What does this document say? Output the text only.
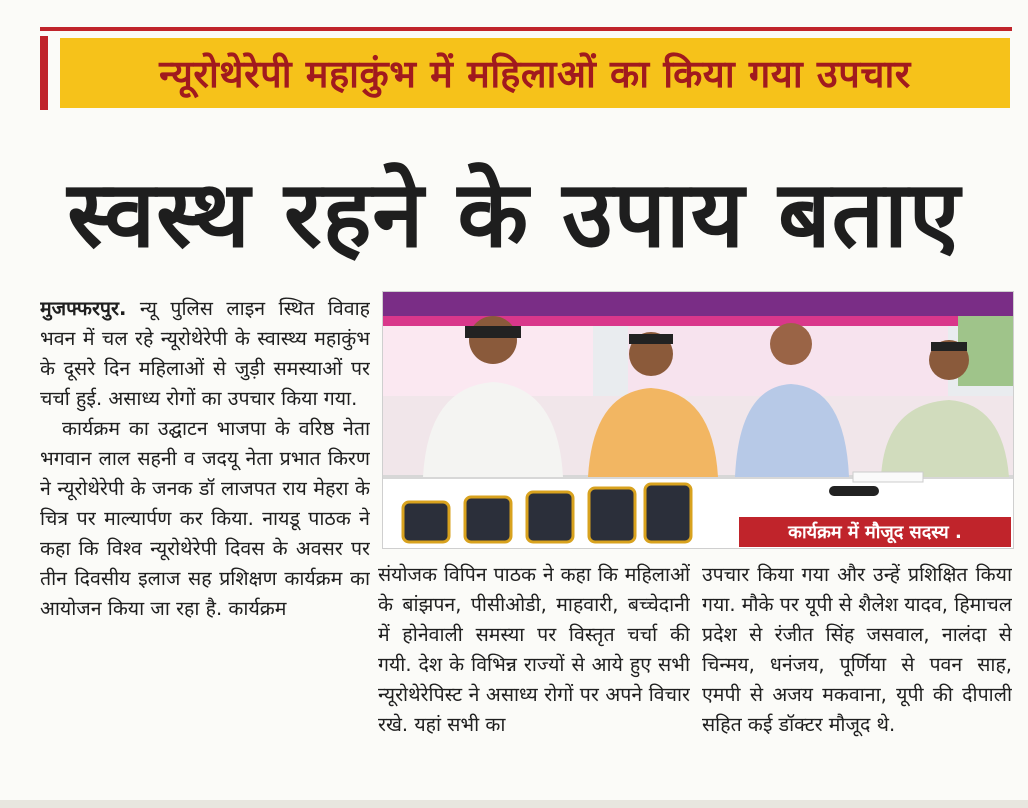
न्यूरोथेरेपी महाकुंभ में महिलाओं का किया गया उपचार
स्वस्थ रहने के उपाय बताए

मुजफ्फरपुर. न्यू पुलिस लाइन स्थित विवाह भवन में चल रहे न्यूरोथेरेपी के स्वास्थ्य महाकुंभ के दूसरे दिन महिलाओं से जुड़ी समस्याओं पर चर्चा हुई. असाध्य रोगों का उपचार किया गया.

कार्यक्रम का उद्घाटन भाजपा के वरिष्ठ नेता भगवान लाल सहनी व जदयू नेता प्रभात किरण ने न्यूरोथेरेपी के जनक डॉ लाजपत राय मेहरा के चित्र पर माल्यार्पण कर किया. नायडू पाठक ने कहा कि विश्व न्यूरोथेरेपी दिवस के अवसर पर तीन दिवसीय इलाज सह प्रशिक्षण कार्यक्रम का आयोजन किया जा रहा है. कार्यक्रम

कार्यक्रम में मौजूद सदस्य .

संयोजक विपिन पाठक ने कहा कि महिलाओं के बांझपन, पीसीओडी, माहवारी, बच्चेदानी में होनेवाली समस्या पर विस्तृत चर्चा की गयी. देश के विभिन्न राज्यों से आये हुए सभी न्यूरोथेरेपिस्ट ने असाध्य रोगों पर अपने विचार रखे. यहां सभी का

उपचार किया गया और उन्हें प्रशिक्षित किया गया. मौके पर यूपी से शैलेश यादव, हिमाचल प्रदेश से रंजीत सिंह जसवाल, नालंदा से चिन्मय, धनंजय, पूर्णिया से पवन साह, एमपी से अजय मकवाना, यूपी की दीपाली सहित कई डॉक्टर मौजूद थे.
